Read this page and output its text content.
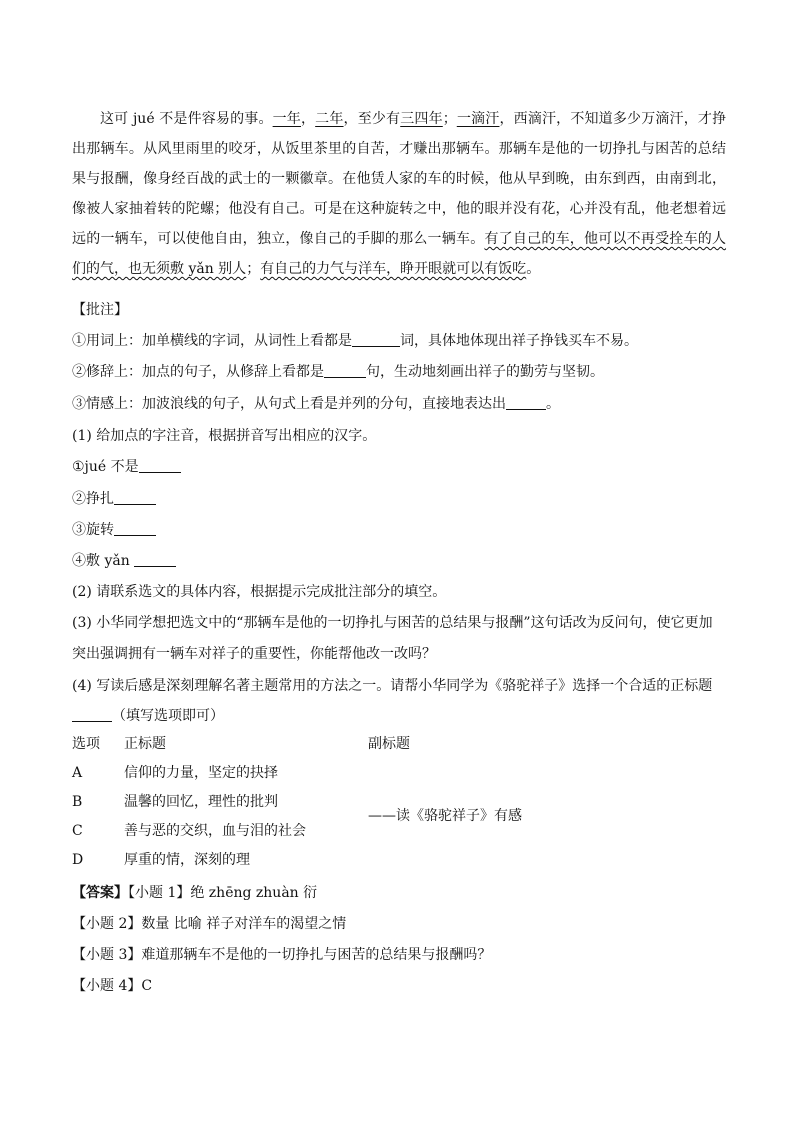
这可 jué 不是件容易的事。一年，二年，至少有三四年；一滴汗，西滴汗，不知道多少万滴汗，才挣出那辆车。从风里雨里的咬牙，从饭里茶里的自苦，才赚出那辆车。那辆车是他的一切挣扎与困苦的总结果与报酬，像身经百战的武士的一颗徽章。在他赁人家的车的时候，他从早到晚，由东到西，由南到北，像被人家抽着转的陀螺；他没有自己。可是在这种旋转之中，他的眼并没有花，心并没有乱，他老想着远远的一辆车，可以使他自由，独立，像自己的手脚的那么一辆车。有了自己的车，他可以不再受拴车的人们的气，也无须敷 yǎn 别人；有自己的力气与洋车，睁开眼就可以有饭吃。

【批注】
①用词上：加单横线的字词，从词性上看都是	词，具体地体现出祥子挣钱买车不易。
②修辞上：加点的句子，从修辞上看都是	句，生动地刻画出祥子的勤劳与坚韧。
③情感上：加波浪线的句子，从句式上看是并列的分句，直接地表达出	。
(1) 给加点的字注音，根据拼音写出相应的汉字。
①jué 不是
②挣扎
③旋转
④敷 yǎn
(2) 请联系选文的具体内容，根据提示完成批注部分的填空。
(3) 小华同学想把选文中的“那辆车是他的一切挣扎与困苦的总结果与报酬”这句话改为反问句，使它更加
突出强调拥有一辆车对祥子的重要性，你能帮他改一改吗？
(4) 写读后感是深刻理解名著主题常用的方法之一。请帮小华同学为《骆驼祥子》选择一个合适的正标题
（填写选项即可）
选项 正标题	副标题
A	信仰的力量，坚定的抉择
B	温馨的回忆，理性的批判
C	善与恶的交织，血与泪的社会
D	厚重的情，深刻的理
——读《骆驼祥子》有感
【答案】【小题 1】绝 zhēng zhuàn 衍
【小题 2】数量 比喻 祥子对洋车的渴望之情
【小题 3】难道那辆车不是他的一切挣扎与困苦的总结果与报酬吗？
【小题 4】C
